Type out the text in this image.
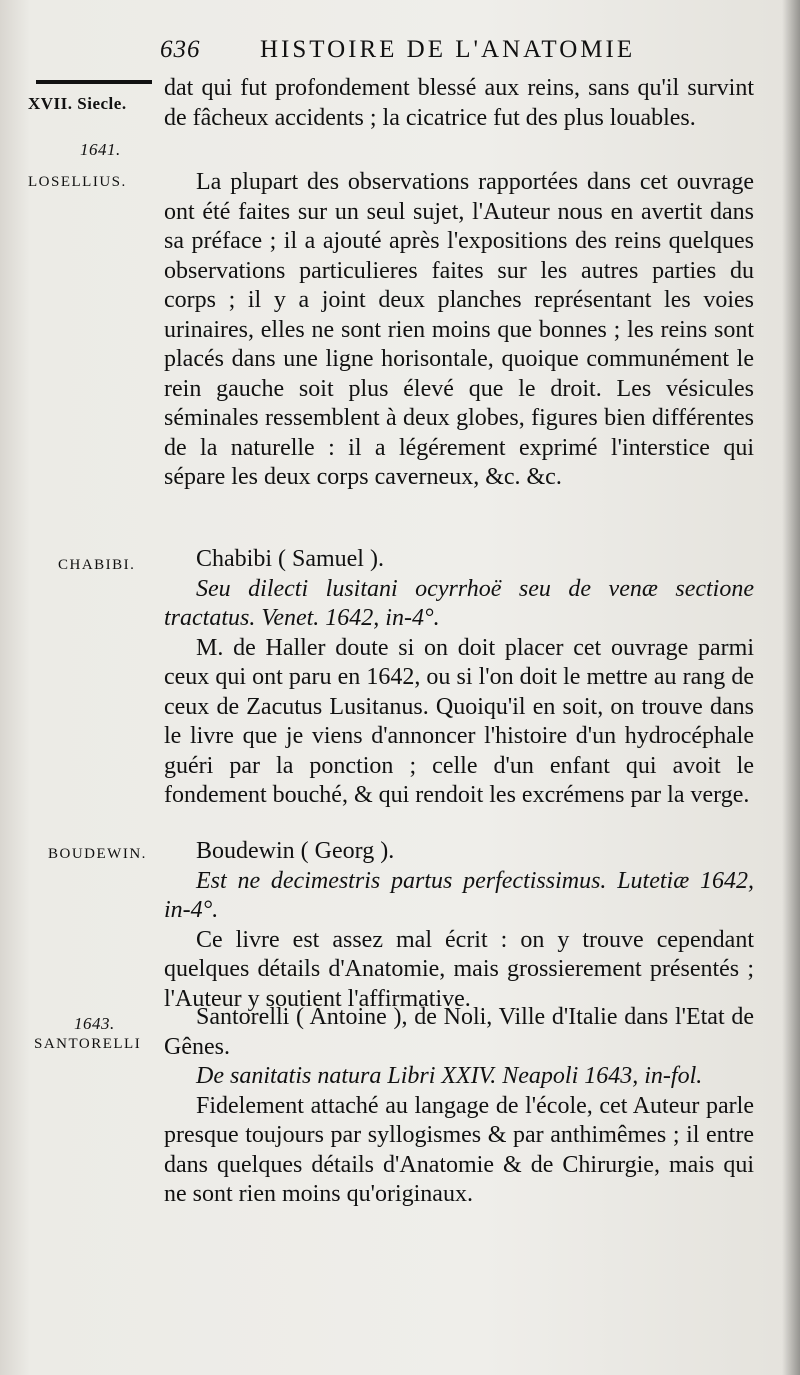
636 HISTOIRE DE L'ANATOMIE
XVII. Siecle.
1641.
LOSELLIUS.
CHABIBI.
BOUDEWIN.
1643.
SANTORELLI

dat qui fut profondement blessé aux reins, sans qu'il survint de fâcheux accidents ; la cicatrice fut des plus louables.

La plupart des observations rapportées dans cet ouvrage ont été faites sur un seul sujet, l'Auteur nous en avertit dans sa préface ; il a ajouté après l'expositions des reins quelques observations particulieres faites sur les autres parties du corps ; il y a joint deux planches représentant les voies urinaires, elles ne sont rien moins que bonnes ; les reins sont placés dans une ligne horisontale, quoique communément le rein gauche soit plus élevé que le droit. Les vésicules séminales ressemblent à deux globes, figures bien différentes de la naturelle : il a légérement exprimé l'interstice qui sépare les deux corps caverneux, &c. &c.

Chabibi ( Samuel ).

Seu dilecti lusitani ocyrrhoë seu de venæ sectione tractatus. Venet. 1642, in-4°.

M. de Haller doute si on doit placer cet ouvrage parmi ceux qui ont paru en 1642, ou si l'on doit le mettre au rang de ceux de Zacutus Lusitanus. Quoiqu'il en soit, on trouve dans le livre que je viens d'annoncer l'histoire d'un hydrocéphale guéri par la ponction ; celle d'un enfant qui avoit le fondement bouché, & qui rendoit les excrémens par la verge.

Boudewin ( Georg ).

Est ne decimestris partus perfectissimus. Lutetiæ 1642, in-4°.

Ce livre est assez mal écrit : on y trouve cependant quelques détails d'Anatomie, mais grossierement présentés ; l'Auteur y soutient l'affirmative.

Santorelli ( Antoine ), de Noli, Ville d'Italie dans l'Etat de Gênes.

De sanitatis natura Libri XXIV. Neapoli 1643, in-fol.

Fidelement attaché au langage de l'école, cet Auteur parle presque toujours par syllogismes & par anthimêmes ; il entre dans quelques détails d'Anatomie & de Chirurgie, mais qui ne sont rien moins qu'originaux.
